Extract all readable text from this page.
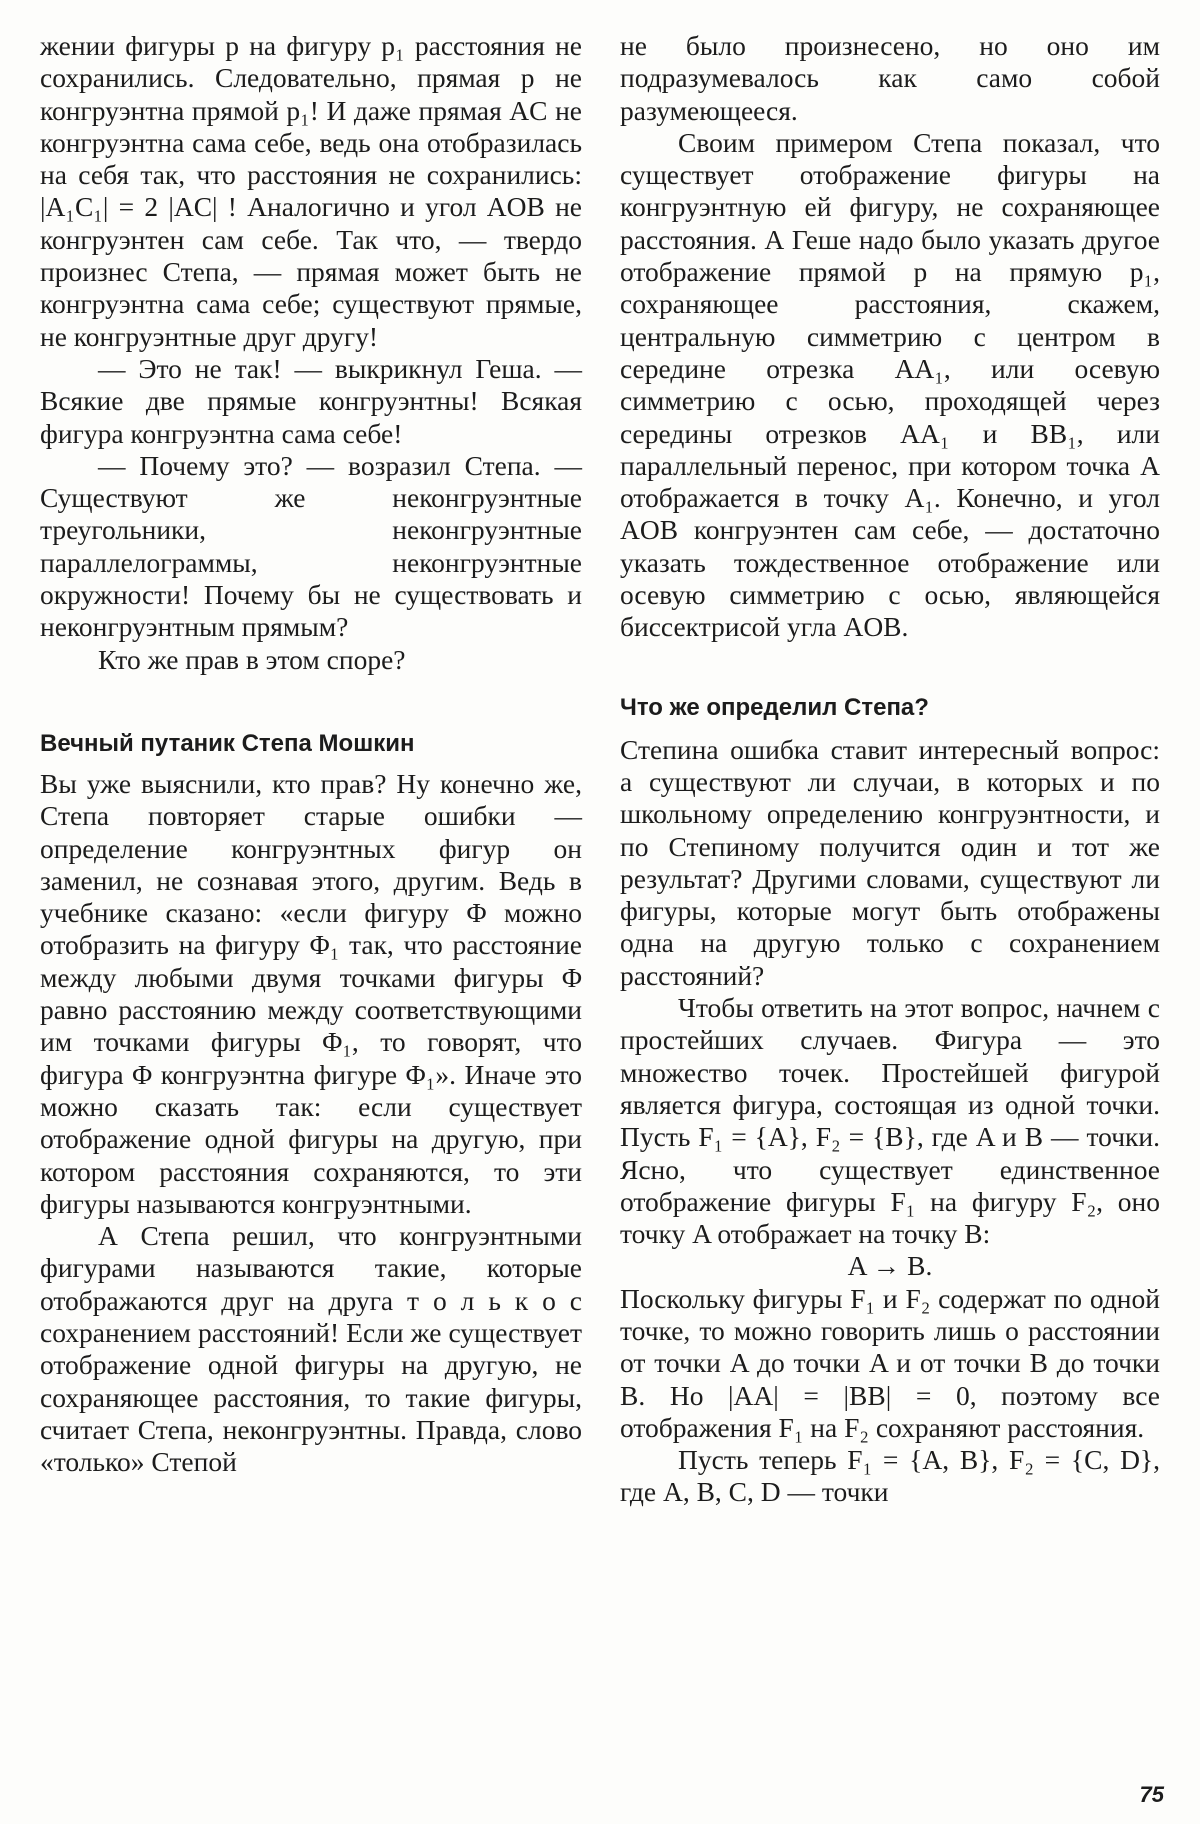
жении фигуры p на фигуру p₁ расстояния не сохранились. Следовательно, прямая p не конгруэнтна прямой p₁! И даже прямая AC не конгруэнтна сама себе, ведь она отобразилась на себя так, что расстояния не сохранились: |A₁C₁| = 2 |AC| ! Аналогично и угол AOB не конгруэнтен сам себе. Так что, — твердо произнес Степа, — прямая может быть не конгруэнтна сама себе; существуют прямые, не конгруэнтные друг другу!

— Это не так! — выкрикнул Геша. — Всякие две прямые конгруэнтны! Всякая фигура конгруэнтна сама себе!

— Почему это? — возразил Степа. — Существуют же неконгруэнтные треугольники, неконгруэнтные параллелограммы, неконгруэнтные окружности! Почему бы не существовать и неконгруэнтным прямым?

Кто же прав в этом споре?

Вечный путаник Степа Мошкин

Вы уже выяснили, кто прав? Ну конечно же, Степа повторяет старые ошибки — определение конгруэнтных фигур он заменил, не сознавая этого, другим. Ведь в учебнике сказано: «если фигуру Φ можно отобразить на фигуру Φ₁ так, что расстояние между любыми двумя точками фигуры Φ равно расстоянию между соответствующими им точками фигуры Φ₁, то говорят, что фигура Φ конгруэнтна фигуре Φ₁». Иначе это можно сказать так: если существует отображение одной фигуры на другую, при котором расстояния сохраняются, то эти фигуры называются конгруэнтными.

А Степа решил, что конгруэнтными фигурами называются такие, которые отображаются друг на друга т о л ь к о с сохранением расстояний! Если же существует отображение одной фигуры на другую, не сохраняющее расстояния, то такие фигуры, считает Степа, неконгруэнтны. Правда, слово «только» Степой

не было произнесено, но оно им подразумевалось как само собой разумеющееся.

Своим примером Степа показал, что существует отображение фигуры на конгруэнтную ей фигуру, не сохраняющее расстояния. А Геше надо было указать другое отображение прямой p на прямую p₁, сохраняющее расстояния, скажем, центральную симметрию с центром в середине отрезка AA₁, или осевую симметрию с осью, проходящей через середины отрезков AA₁ и BB₁, или параллельный перенос, при котором точка A отображается в точку A₁. Конечно, и угол AOB конгруэнтен сам себе, — достаточно указать тождественное отображение или осевую симметрию с осью, являющейся биссектрисой угла AOB.

Что же определил Степа?

Степина ошибка ставит интересный вопрос: а существуют ли случаи, в которых и по школьному определению конгруэнтности, и по Степиному получится один и тот же результат? Другими словами, существуют ли фигуры, которые могут быть отображены одна на другую только с сохранением расстояний?

Чтобы ответить на этот вопрос, начнем с простейших случаев. Фигура — это множество точек. Простейшей фигурой является фигура, состоящая из одной точки. Пусть F₁ = {A}, F₂ = {B}, где A и B — точки. Ясно, что существует единственное отображение фигуры F₁ на фигуру F₂, оно точку A отображает на точку B:

A → B.

Поскольку фигуры F₁ и F₂ содержат по одной точке, то можно говорить лишь о расстоянии от точки A до точки A и от точки B до точки B. Но |AA| = |BB| = 0, поэтому все отображения F₁ на F₂ сохраняют расстояния.

Пусть теперь F₁ = {A, B}, F₂ = {C, D}, где A, B, C, D — точки

75
